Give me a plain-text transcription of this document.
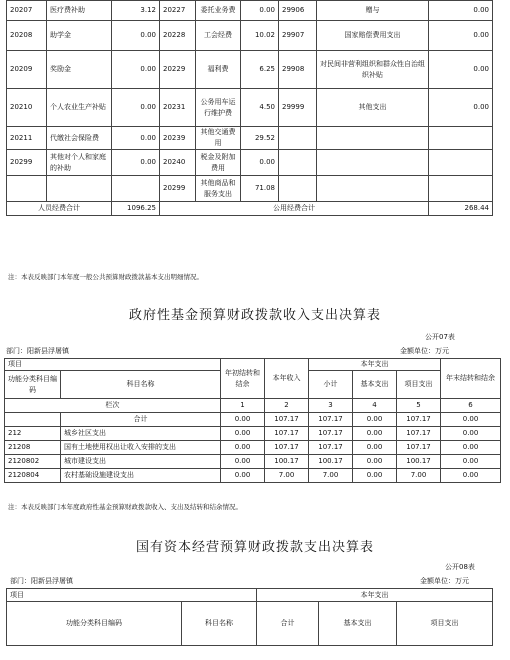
20207	医疗费补助	3.12	20227	委托业务费	0.00	29906	赠与	0.00
20208	助学金	0.00	20228	工会经费	10.02	29907	国家赔偿费用支出	0.00
20209	奖励金	0.00	20229	福利费	6.25	29908	对民间非营利组织和群众性自治组织补贴	0.00
20210	个人农业生产补贴	0.00	20231	公务用车运行维护费	4.50	29999	其他支出	0.00
20211	代缴社会保险费	0.00	20239	其他交通费用	29.52			
20299	其他对个人和家庭的补助	0.00	20240	税金及附加费用	0.00			
			20299	其他商品和服务支出	71.08			
人员经费合计		1096.25	公用经费合计					268.44
注：本表反映部门本年度一般公共预算财政拨款基本支出明细情况。
政府性基金预算财政拨款收入支出决算表
公开07表
部门：阳新县浮屠镇	金额单位：万元
项目		年初结转和结余	本年收入	本年支出			年末结转和结余
功能分类科目编码	科目名称			小计	基本支出	项目支出	

栏次		1	2	3	4	5	6
	合计	0.00	107.17	107.17	0.00	107.17	0.00
212	城乡社区支出	0.00	107.17	107.17	0.00	107.17	0.00
21208	国有土地使用权出让收入安排的支出	0.00	107.17	107.17	0.00	107.17	0.00
2120802	城市建设支出	0.00	100.17	100.17	0.00	100.17	0.00
2120804	农村基础设施建设支出	0.00	7.00	7.00	0.00	7.00	0.00
注：本表反映部门本年度政府性基金预算财政拨款收入、支出及结转和结余情况。
国有资本经营预算财政拨款支出决算表
公开08表
部门：阳新县浮屠镇	金额单位：万元
项目		本年支出		
功能分类科目编码	科目名称	合计	基本支出	项目支出
